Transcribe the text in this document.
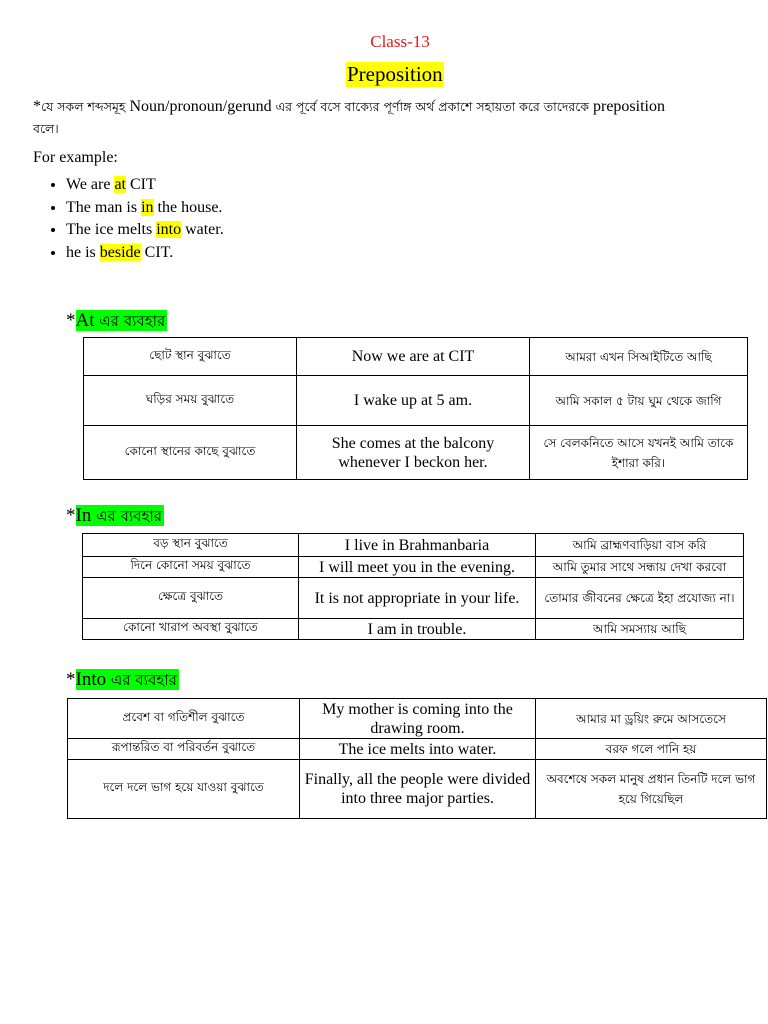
Class-13
Preposition
*যে সকল শব্দসমূহ Noun/pronoun/gerund এর পূর্বে বসে বাক্যের পূর্ণাঙ্গ অর্থ প্রকাশে সহায়তা করে তাদেরকে preposition
বলে।
For example:
• We are at CIT
• The man is in the house.
• The ice melts into water.
• he is beside CIT.
*At এর ব্যবহার
ছোট স্থান বুঝাতে	Now we are at CIT	আমরা এখন সিআইটিতে আছি
ঘড়ির সময় বুঝাতে	I wake up at 5 am.	আমি সকাল ৫ টায় ঘুম থেকে জাগি
কোনো স্থানের কাছে বুঝাতে	She comes at the balcony whenever I beckon her.	সে বেলকনিতে আসে যখনই আমি তাকে ইশারা করি।
*In এর ব্যবহার
বড় স্থান বুঝাতে	I live in Brahmanbaria	আমি ব্রাহ্মণবাড়িয়া বাস করি
দিনে কোনো সময় বুঝাতে	I will meet you in the evening.	আমি তুমার সাথে সন্ধায় দেখা করবো
ক্ষেত্রে বুঝাতে	It is not appropriate in your life.	তোমার জীবনের ক্ষেত্রে ইহা প্রযোজ্য না।
কোনো খারাপ অবস্থা বুঝাতে	I am in trouble.	আমি সমস্যায় আছি
*Into এর ব্যবহার
প্রবেশ বা গতিশীল বুঝাতে	My mother is coming into the drawing room.	আমার মা ড্রয়িং রুমে আসতেসে
রূপান্তরিত বা পরিবর্তন বুঝাতে	The ice melts into water.	বরফ গলে পানি হয়
দলে দলে ভাগ হয়ে যাওয়া বুঝাতে	Finally, all the people were divided into three major parties.	অবশেষে সকল মানুষ প্রধান তিনটি দলে ভাগ হয়ে গিয়েছিল
